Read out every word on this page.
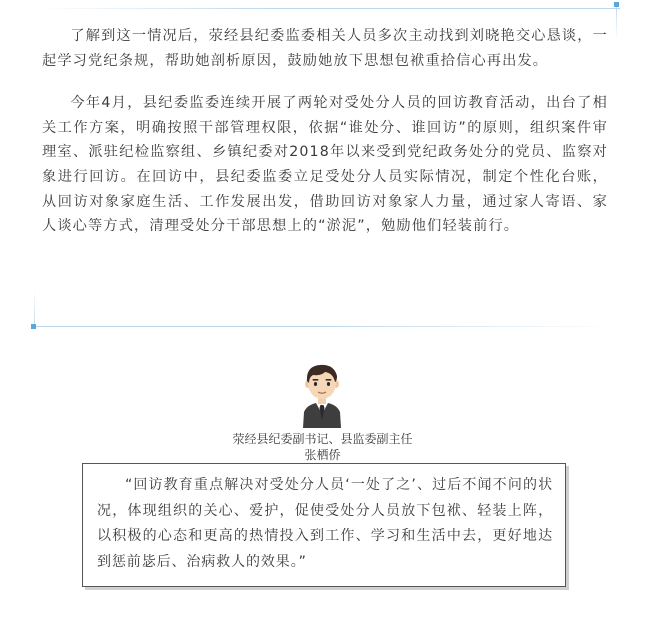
了解到这一情况后，荥经县纪委监委相关人员多次主动找到刘晓艳交心恳谈，一起学习党纪条规，帮助她剖析原因，鼓励她放下思想包袱重拾信心再出发。

今年4月，县纪委监委连续开展了两轮对受处分人员的回访教育活动，出台了相关工作方案，明确按照干部管理权限，依据“谁处分、谁回访”的原则，组织案件审理室、派驻纪检监察组、乡镇纪委对2018年以来受到党纪政务处分的党员、监察对象进行回访。在回访中，县纪委监委立足受处分人员实际情况，制定个性化台账，从回访对象家庭生活、工作发展出发，借助回访对象家人力量，通过家人寄语、家人谈心等方式，清理受处分干部思想上的“淤泥”，勉励他们轻装前行。

荥经县纪委副书记、县监委副主任
张栖侨

“回访教育重点解决对受处分人员‘一处了之’、过后不闻不问的状况，体现组织的关心、爱护，促使受处分人员放下包袱、轻装上阵，以积极的心态和更高的热情投入到工作、学习和生活中去，更好地达到惩前毖后、治病救人的效果。”
